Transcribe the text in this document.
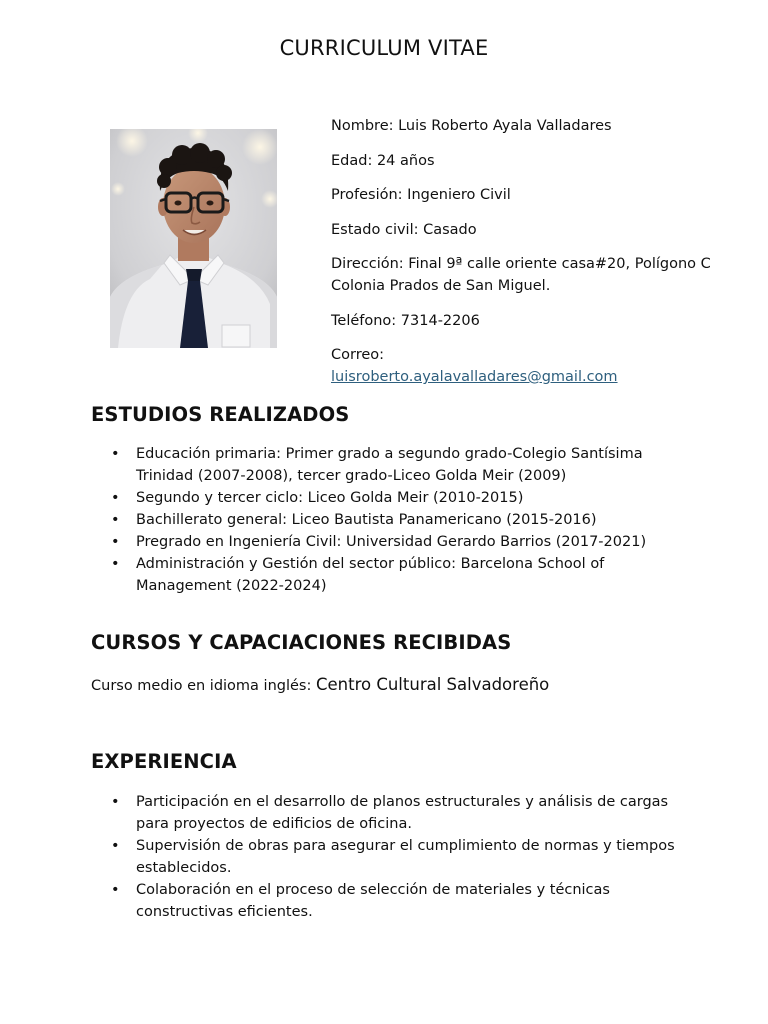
CURRICULUM VITAE

Nombre: Luis Roberto Ayala Valladares

Edad: 24 años

Profesión: Ingeniero Civil

Estado civil: Casado

Dirección: Final 9ª calle oriente casa#20, Polígono C Colonia Prados de San Miguel.

Teléfono: 7314-2206

Correo:
luisroberto.ayalavalladares@gmail.com

ESTUDIOS REALIZADOS
• Educación primaria: Primer grado a segundo grado-Colegio Santísima Trinidad (2007-2008), tercer grado-Liceo Golda Meir (2009)
• Segundo y tercer ciclo: Liceo Golda Meir (2010-2015)
• Bachillerato general: Liceo Bautista Panamericano (2015-2016)
• Pregrado en Ingeniería Civil: Universidad Gerardo Barrios (2017-2021)
• Administración y Gestión del sector público: Barcelona School of Management (2022-2024)
CURSOS Y CAPACIACIONES RECIBIDAS
Curso medio en idioma inglés: Centro Cultural Salvadoreño
EXPERIENCIA
• Participación en el desarrollo de planos estructurales y análisis de cargas para proyectos de edificios de oficina.
• Supervisión de obras para asegurar el cumplimiento de normas y tiempos establecidos.
• Colaboración en el proceso de selección de materiales y técnicas constructivas eficientes.
